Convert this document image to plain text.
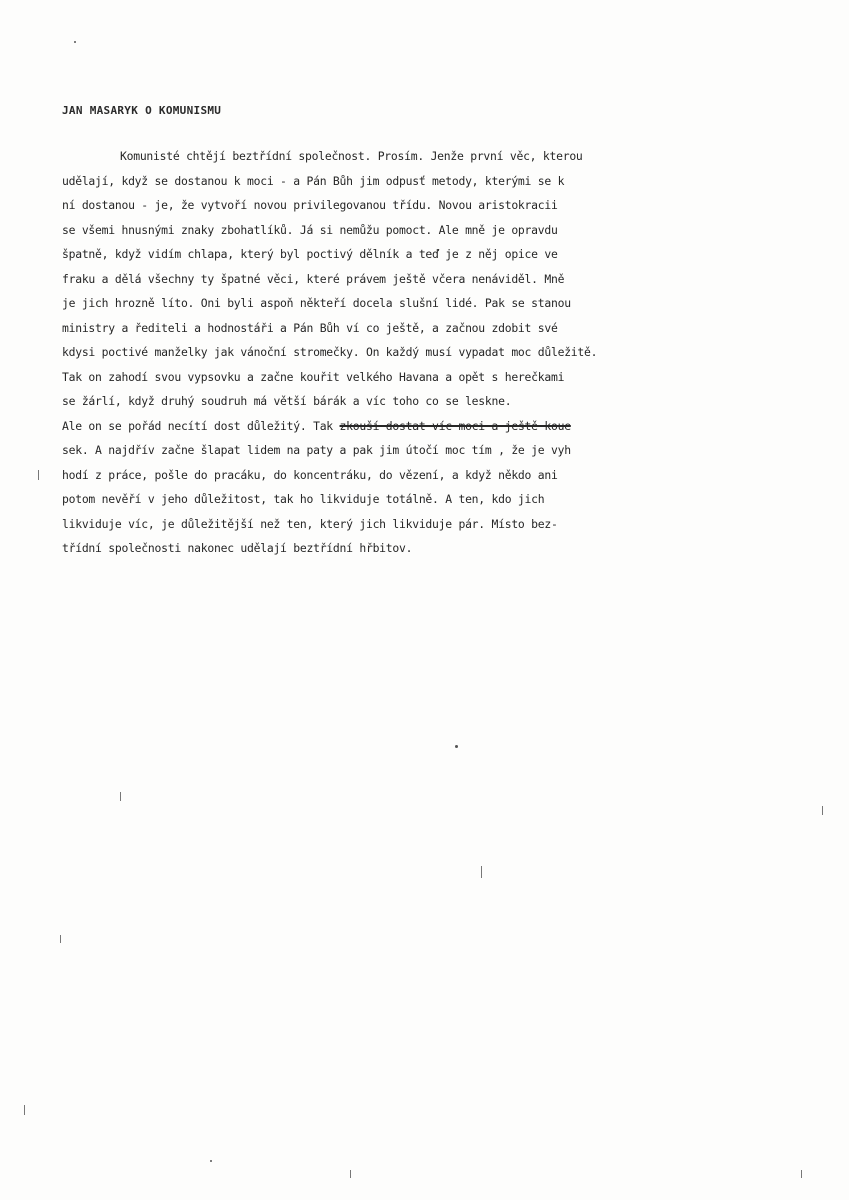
JAN MASARYK O KOMUNISMU
Komunisté chtějí beztřídní společnost. Prosím. Jenže první věc, kterou
udělají, když se dostanou k moci - a Pán Bůh jim odpusť metody, kterými se k
ní dostanou - je, že vytvoří novou privilegovanou třídu. Novou aristokracii
se všemi hnusnými znaky zbohatlíků. Já si nemůžu pomoct. Ale mně je opravdu
špatně, když vidím chlapa, který byl poctivý dělník a teď je z něj opice ve
fraku a dělá všechny ty špatné věci, které právem ještě včera nenáviděl. Mně
je jich hrozně líto. Oni byli aspoň někteří docela slušní lidé. Pak se stanou
ministry a řediteli a hodnostáři a Pán Bůh ví co ještě, a začnou zdobit své
kdysi poctivé manželky jak vánoční stromečky. On každý musí vypadat moc důležitě.
Tak on zahodí svou vypsovku a začne kouřit velkého Havana a opět s herečkami
se žárlí, když druhý soudruh má větší bárák a víc toho co se leskne.
Ale on se pořád necítí dost důležitý. Tak zkouší dostat víc moci a ještě koue
sek. A najdřív začne šlapat lidem na paty a pak jim útočí moc tím , že je vyh
hodí z práce, pošle do pracáku, do koncentráku, do vězení, a když někdo ani
potom nevěří v jeho důležitost, tak ho likviduje totálně. A ten, kdo jich
likviduje víc, je důležitější než ten, který jich likviduje pár. Místo bez-
třídní společnosti nakonec udělají beztřídní hřbitov.
